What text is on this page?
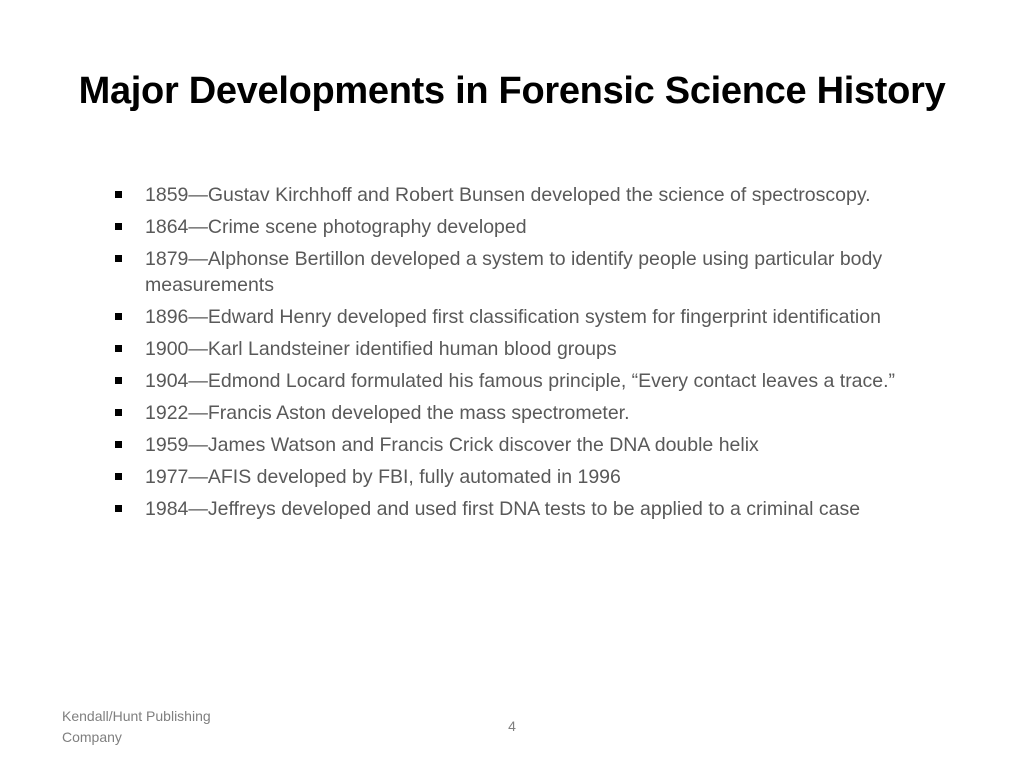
Major Developments in Forensic Science History
1859—Gustav Kirchhoff and Robert Bunsen developed the science of spectroscopy.
1864—Crime scene photography developed
1879—Alphonse Bertillon developed a system to identify people using particular body measurements
1896—Edward Henry developed first classification system for fingerprint identification
1900—Karl Landsteiner identified human blood groups
1904—Edmond Locard formulated his famous principle, “Every contact leaves a trace.”
1922—Francis Aston developed the mass spectrometer.
1959—James Watson and Francis Crick discover the DNA double helix
1977—AFIS developed by FBI, fully automated in 1996
1984—Jeffreys developed and used first DNA tests to be applied to a criminal case
Kendall/Hunt Publishing Company
4
